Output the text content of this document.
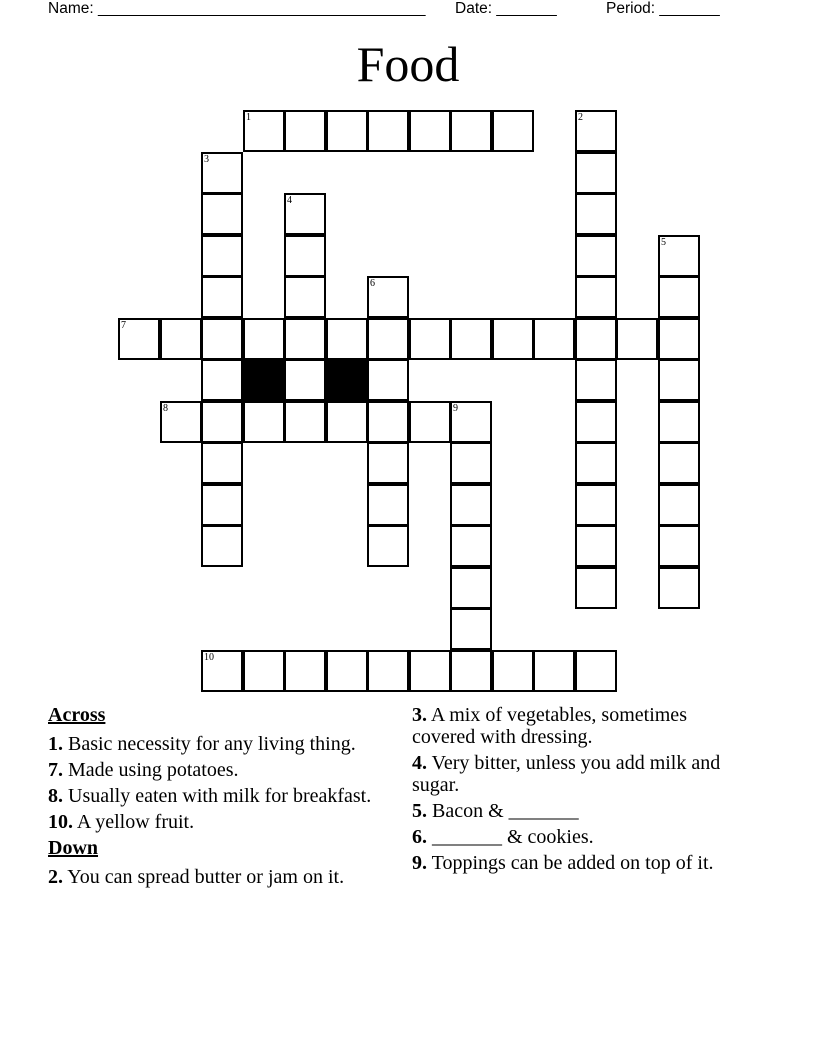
Name: ______________________________________ Date: _______	Period: _______
Food
1	2
3
4
5
6
7
8	9
10
Across
1. Basic necessity for any living thing.
7. Made using potatoes.
8. Usually eaten with milk for breakfast.
10. A yellow fruit.
Down
2. You can spread butter or jam on it.
3. A mix of vegetables, sometimes covered with dressing.
4. Very bitter, unless you add milk and sugar.
5. Bacon & _______
6. _______ & cookies.
9. Toppings can be added on top of it.
